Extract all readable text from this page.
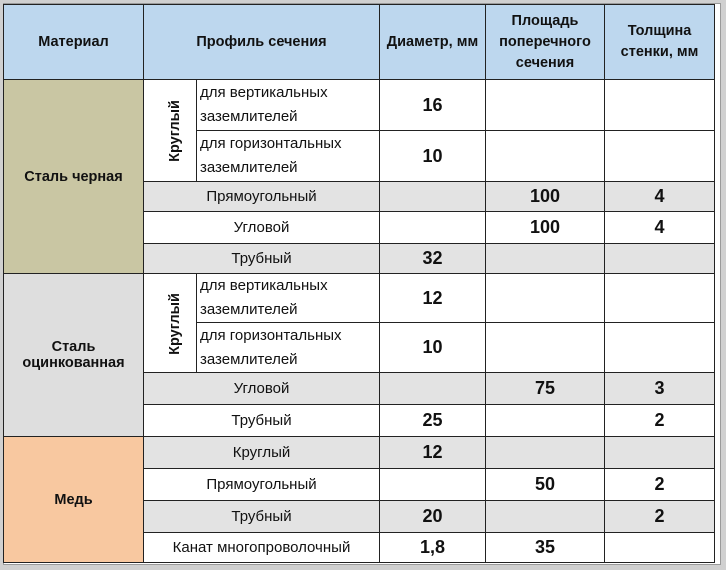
Материал	Профиль сечения		Диаметр, мм	Площадь поперечного сечения	Толщина стенки, мм
Сталь черная	Круглый	для вертикальных заземлителей	16		
		для горизонтальных заземлителей	10		
	Прямоугольный			100	4
	Угловой			100	4
	Трубный		32		
Сталь оцинкованная	Круглый	для вертикальных заземлителей	12		
		для горизонтальных заземлителей	10		
	Угловой			75	3
	Трубный		25		2
Медь	Круглый		12		
	Прямоугольный			50	2
	Трубный		20		2
	Канат многопроволочный		1,8	35	
